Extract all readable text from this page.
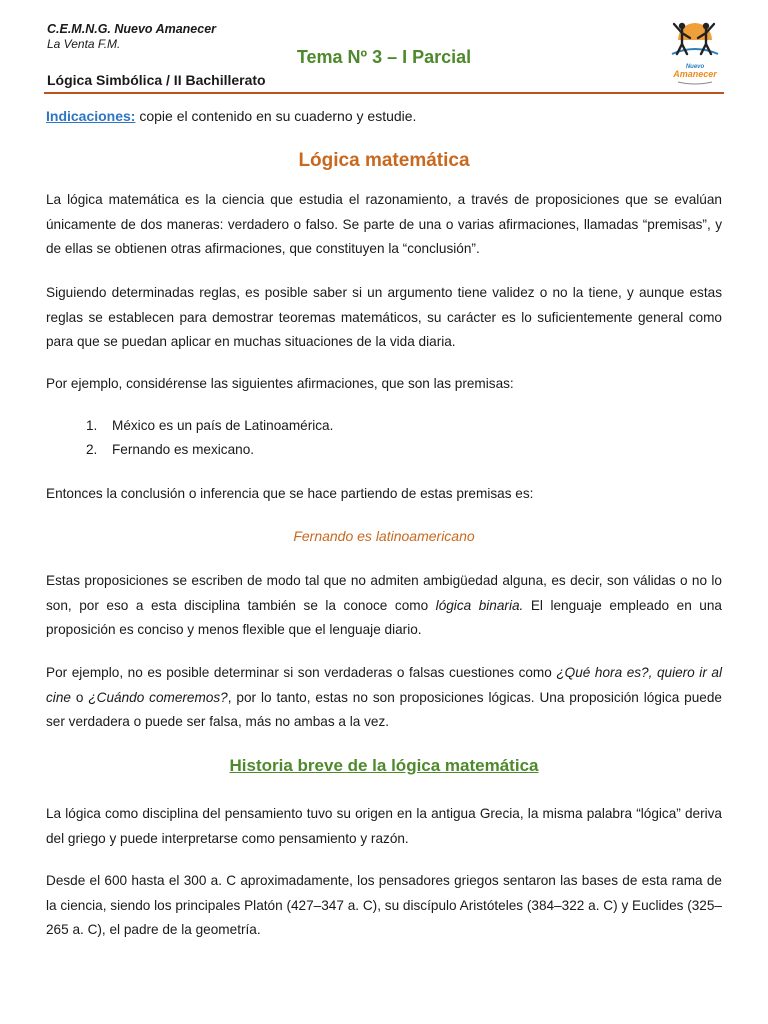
C.E.M.N.G. Nuevo Amanecer
La Venta F.M.
Tema Nº 3 – I Parcial
Lógica Simbólica / II Bachillerato
Nuevo
Amanecer
Indicaciones: copie el contenido en su cuaderno y estudie.
Lógica matemática

La lógica matemática es la ciencia que estudia el razonamiento, a través de proposiciones que se evalúan únicamente de dos maneras: verdadero o falso. Se parte de una o varias afirmaciones, llamadas “premisas”, y de ellas se obtienen otras afirmaciones, que constituyen la “conclusión”.

Siguiendo determinadas reglas, es posible saber si un argumento tiene validez o no la tiene, y aunque estas reglas se establecen para demostrar teoremas matemáticos, su carácter es lo suficientemente general como para que se puedan aplicar en muchas situaciones de la vida diaria.

Por ejemplo, considérense las siguientes afirmaciones, que son las premisas:

1. México es un país de Latinoamérica.
2. Fernando es mexicano.

Entonces la conclusión o inferencia que se hace partiendo de estas premisas es:

Fernando es latinoamericano

Estas proposiciones se escriben de modo tal que no admiten ambigüedad alguna, es decir, son válidas o no lo son, por eso a esta disciplina también se la conoce como lógica binaria. El lenguaje empleado en una proposición es conciso y menos flexible que el lenguaje diario.

Por ejemplo, no es posible determinar si son verdaderas o falsas cuestiones como ¿Qué hora es?, quiero ir al cine o ¿Cuándo comeremos?, por lo tanto, estas no son proposiciones lógicas. Una proposición lógica puede ser verdadera o puede ser falsa, más no ambas a la vez.

Historia breve de la lógica matemática

La lógica como disciplina del pensamiento tuvo su origen en la antigua Grecia, la misma palabra “lógica” deriva del griego y puede interpretarse como pensamiento y razón.

Desde el 600 hasta el 300 a. C aproximadamente, los pensadores griegos sentaron las bases de esta rama de la ciencia, siendo los principales Platón (427–347 a. C), su discípulo Aristóteles (384–322 a. C) y Euclides (325–265 a. C), el padre de la geometría.
